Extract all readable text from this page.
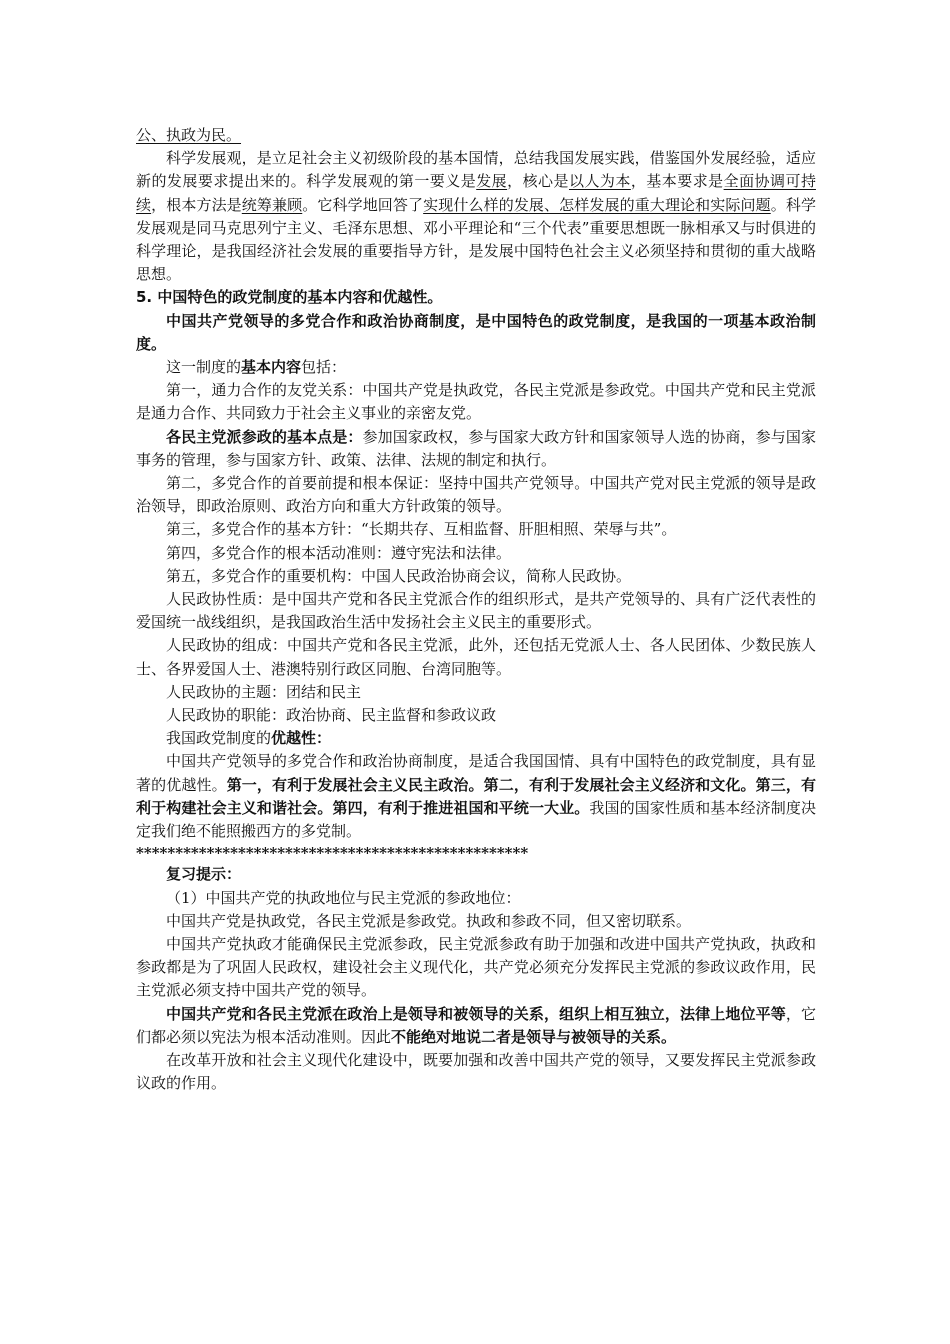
公、执政为民。

科学发展观，是立足社会主义初级阶段的基本国情，总结我国发展实践，借鉴国外发展经验，适应新的发展要求提出来的。科学发展观的第一要义是发展，核心是以人为本，基本要求是全面协调可持续，根本方法是统筹兼顾。它科学地回答了实现什么样的发展、怎样发展的重大理论和实际问题。科学发展观是同马克思列宁主义、毛泽东思想、邓小平理论和“三个代表”重要思想既一脉相承又与时俱进的科学理论，是我国经济社会发展的重要指导方针，是发展中国特色社会主义必须坚持和贯彻的重大战略思想。

5. 中国特色的政党制度的基本内容和优越性。

中国共产党领导的多党合作和政治协商制度，是中国特色的政党制度，是我国的一项基本政治制度。

这一制度的基本内容包括：

第一，通力合作的友党关系：中国共产党是执政党，各民主党派是参政党。中国共产党和民主党派是通力合作、共同致力于社会主义事业的亲密友党。

各民主党派参政的基本点是：参加国家政权，参与国家大政方针和国家领导人选的协商，参与国家事务的管理，参与国家方针、政策、法律、法规的制定和执行。

第二，多党合作的首要前提和根本保证：坚持中国共产党领导。中国共产党对民主党派的领导是政治领导，即政治原则、政治方向和重大方针政策的领导。

第三，多党合作的基本方针：“长期共存、互相监督、肝胆相照、荣辱与共”。

第四，多党合作的根本活动准则：遵守宪法和法律。

第五，多党合作的重要机构：中国人民政治协商会议，简称人民政协。

人民政协性质：是中国共产党和各民主党派合作的组织形式，是共产党领导的、具有广泛代表性的爱国统一战线组织，是我国政治生活中发扬社会主义民主的重要形式。

人民政协的组成：中国共产党和各民主党派，此外，还包括无党派人士、各人民团体、少数民族人士、各界爱国人士、港澳特别行政区同胞、台湾同胞等。

人民政协的主题：团结和民主

人民政协的职能：政治协商、民主监督和参政议政

我国政党制度的优越性：

中国共产党领导的多党合作和政治协商制度，是适合我国国情、具有中国特色的政党制度，具有显著的优越性。第一，有利于发展社会主义民主政治。第二，有利于发展社会主义经济和文化。第三，有利于构建社会主义和谐社会。第四，有利于推进祖国和平统一大业。我国的国家性质和基本经济制度决定我们绝不能照搬西方的多党制。

**************************************************

复习提示：

（1）中国共产党的执政地位与民主党派的参政地位：

中国共产党是执政党，各民主党派是参政党。执政和参政不同，但又密切联系。

中国共产党执政才能确保民主党派参政，民主党派参政有助于加强和改进中国共产党执政，执政和参政都是为了巩固人民政权，建设社会主义现代化，共产党必须充分发挥民主党派的参政议政作用，民主党派必须支持中国共产党的领导。

中国共产党和各民主党派在政治上是领导和被领导的关系，组织上相互独立，法律上地位平等，它们都必须以宪法为根本活动准则。因此不能绝对地说二者是领导与被领导的关系。

在改革开放和社会主义现代化建设中，既要加强和改善中国共产党的领导，又要发挥民主党派参政议政的作用。
